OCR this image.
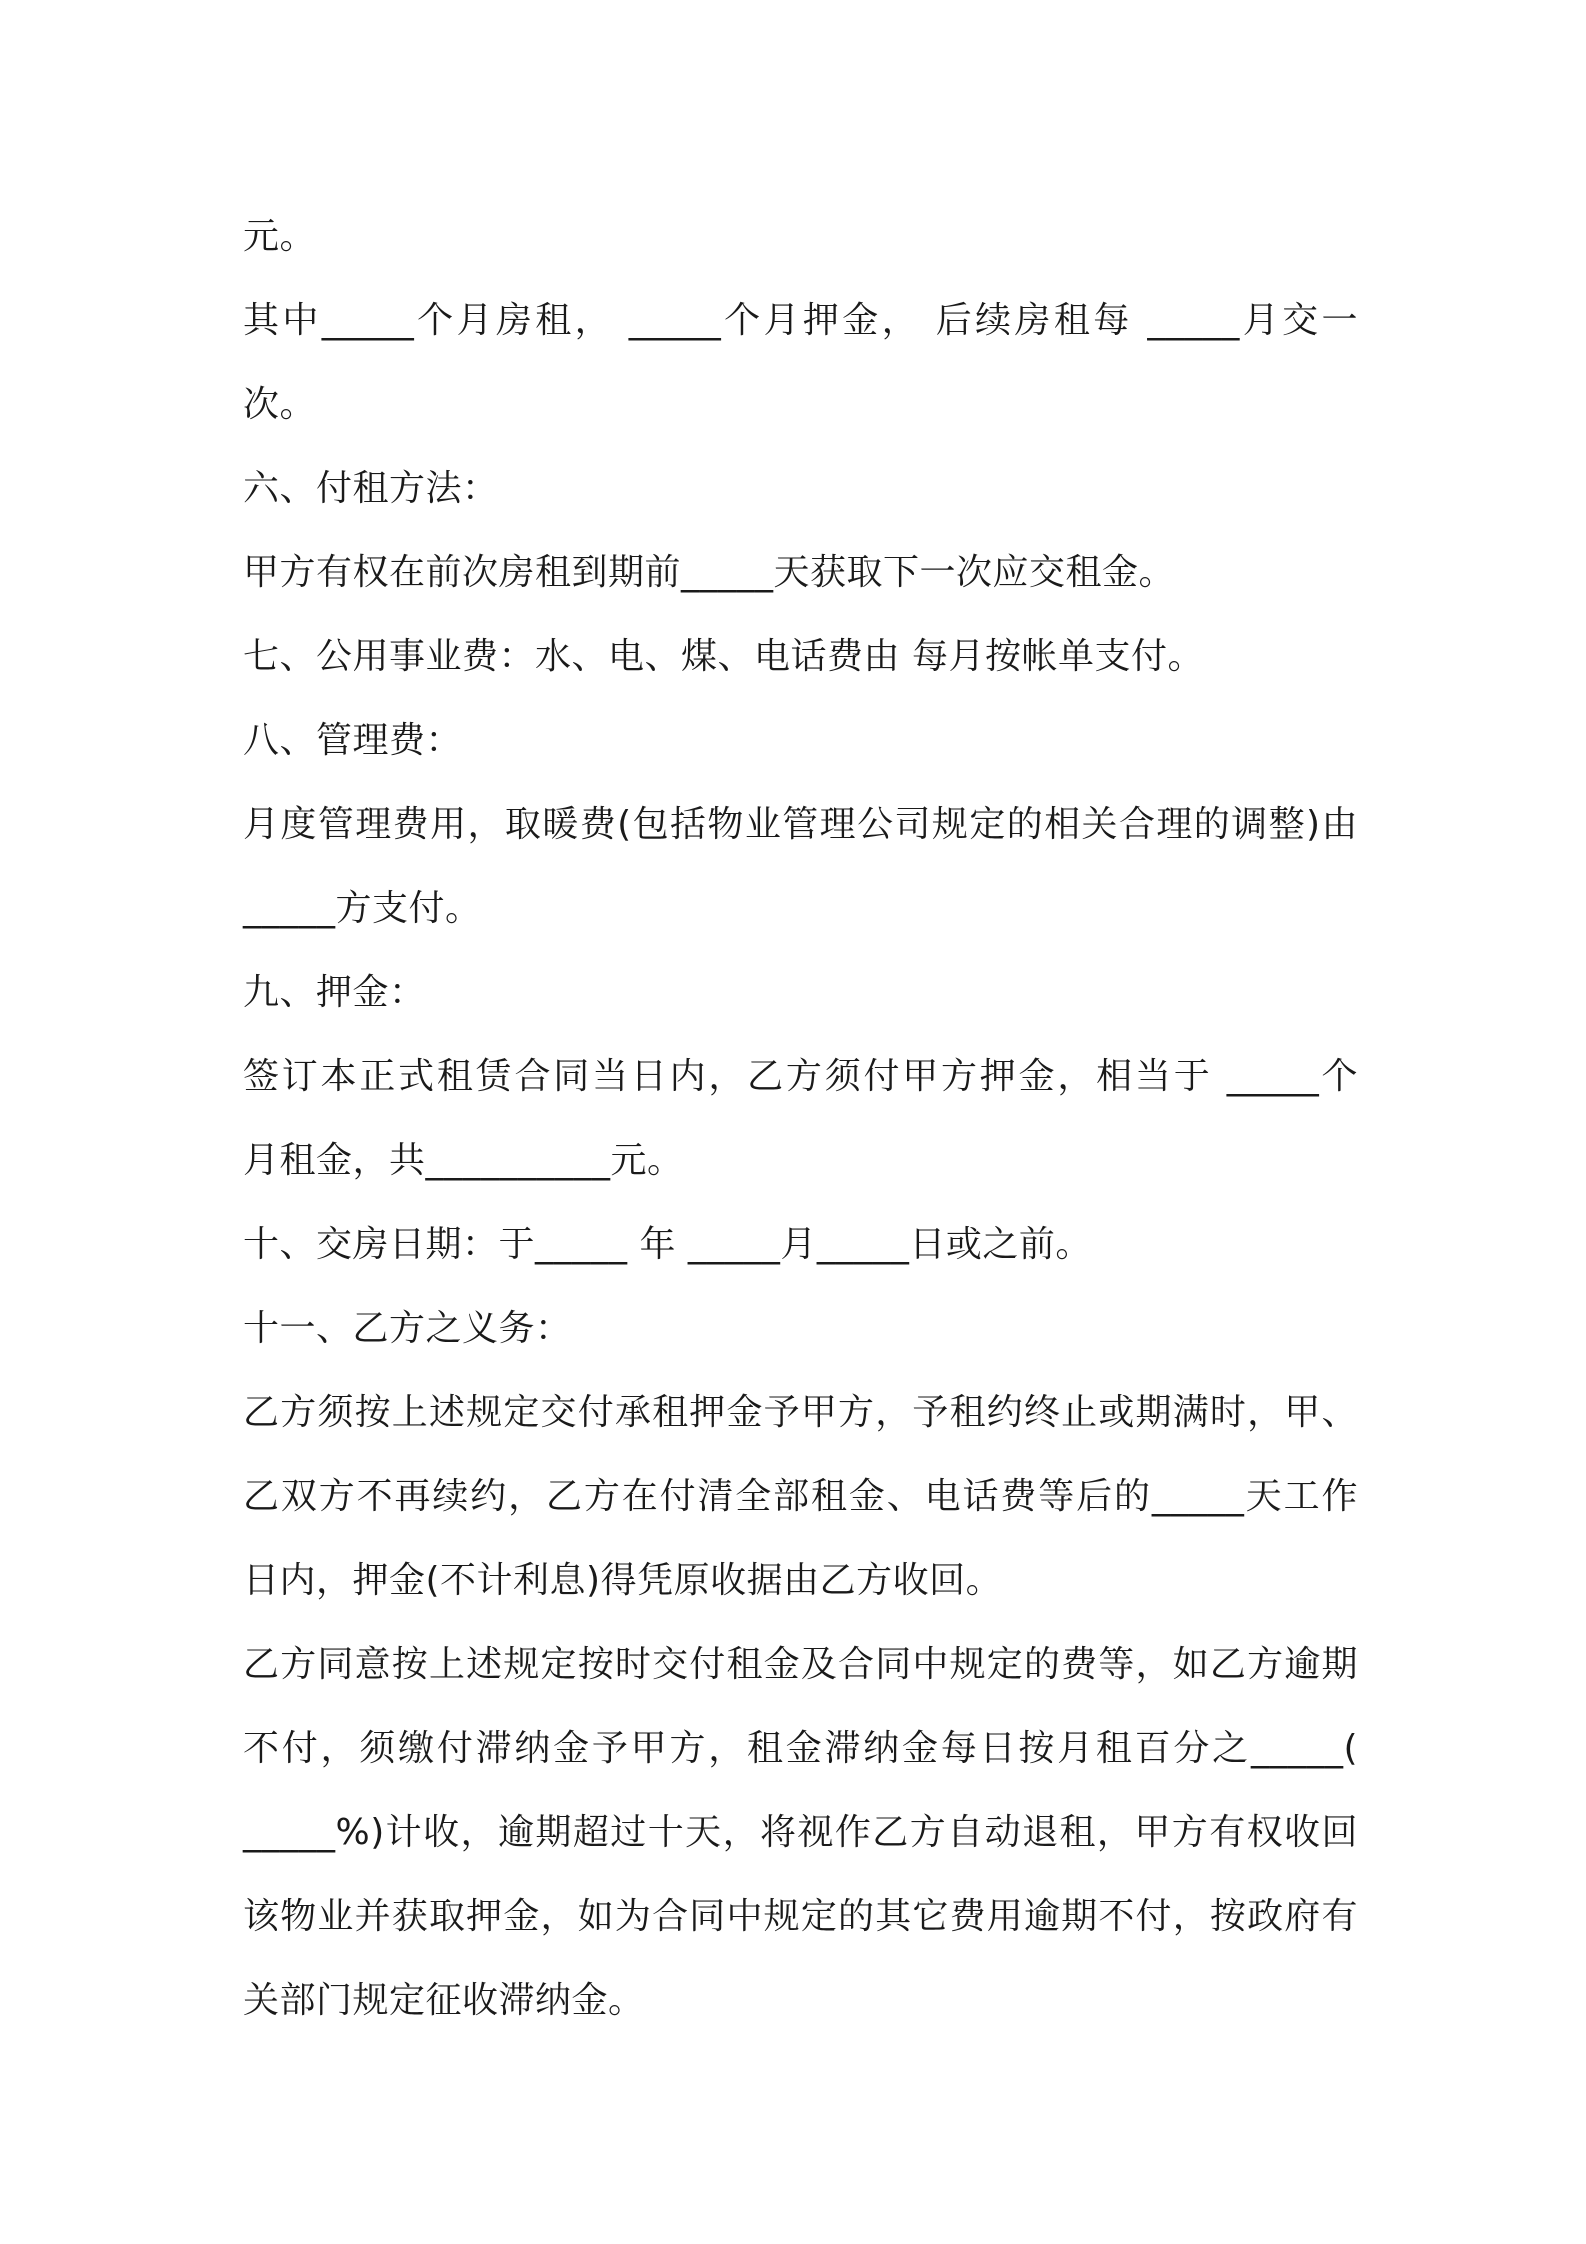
元。
其中_____个月房租， _____个月押金， 后续房租每 _____月交一
次。
六、付租方法：
甲方有权在前次房租到期前_____天获取下一次应交租金。
七、公用事业费：水、电、煤、电话费由 每月按帐单支付。
八、管理费：
月度管理费用，取暖费(包括物业管理公司规定的相关合理的调整)由
_____方支付。
九、押金：
签订本正式租赁合同当日内，乙方须付甲方押金，相当于 _____个
月租金，共__________元。
十、交房日期：于_____ 年 _____月_____日或之前。
十一、乙方之义务：
乙方须按上述规定交付承租押金予甲方，予租约终止或期满时，甲、
乙双方不再续约，乙方在付清全部租金、电话费等后的_____天工作
日内，押金(不计利息)得凭原收据由乙方收回。
乙方同意按上述规定按时交付租金及合同中规定的费等，如乙方逾期
不付，须缴付滞纳金予甲方，租金滞纳金每日按月租百分之_____(
_____%)计收，逾期超过十天，将视作乙方自动退租，甲方有权收回
该物业并获取押金，如为合同中规定的其它费用逾期不付，按政府有
关部门规定征收滞纳金。
